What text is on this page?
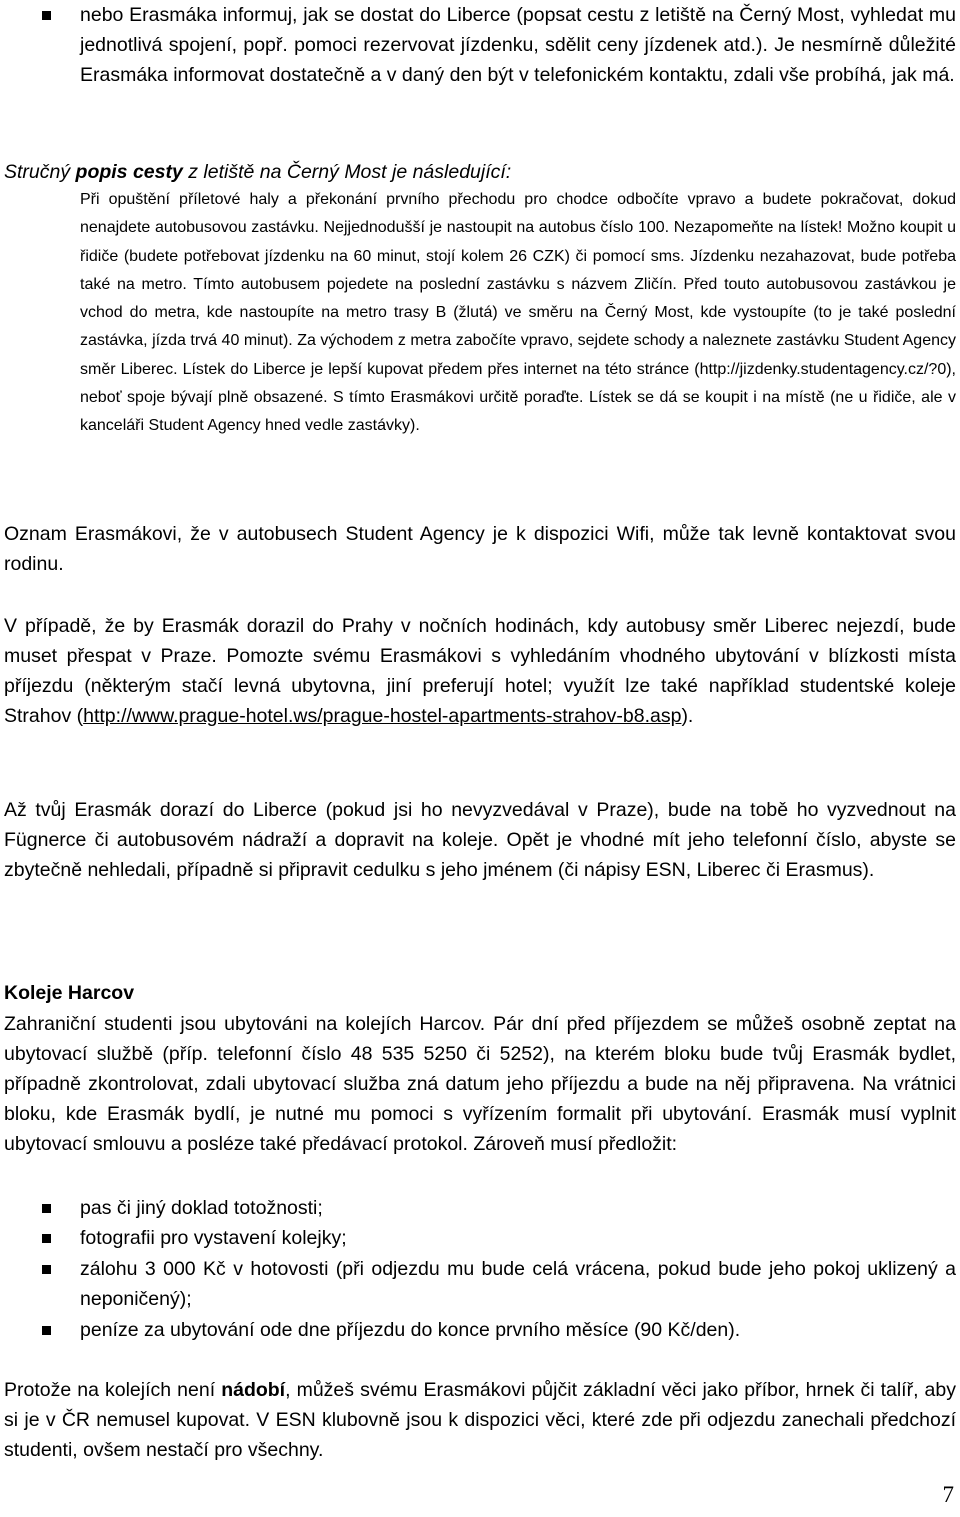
nebo Erasmáka informuj, jak se dostat do Liberce (popsat cestu z letiště na Černý Most, vyhledat mu jednotlivá spojení, popř. pomoci rezervovat jízdenku, sdělit ceny jízdenek atd.). Je nesmírně důležité Erasmáka informovat dostatečně a v daný den být v telefonickém kontaktu, zdali vše probíhá, jak má.
Stručný popis cesty z letiště na Černý Most je následující:

Při opuštění příletové haly a překonání prvního přechodu pro chodce odbočíte vpravo a budete pokračovat, dokud nenajdete autobusovou zastávku. Nejjednodušší je nastoupit na autobus číslo 100. Nezapomeňte na lístek! Možno koupit u řidiče (budete potřebovat jízdenku na 60 minut, stojí kolem 26 CZK) či pomocí sms. Jízdenku nezahazovat, bude potřeba také na metro. Tímto autobusem pojedete na poslední zastávku s názvem Zličín. Před touto autobusovou zastávkou je vchod do metra, kde nastoupíte na metro trasy B (žlutá) ve směru na Černý Most, kde vystoupíte (to je také poslední zastávka, jízda trvá 40 minut). Za východem z metra zabočíte vpravo, sejdete schody a naleznete zastávku Student Agency směr Liberec. Lístek do Liberce je lepší kupovat předem přes internet na této stránce (http://jizdenky.studentagency.cz/?0), neboť spoje bývají plně obsazené. S tímto Erasmákovi určitě poraďte. Lístek se dá se koupit i na místě (ne u řidiče, ale v kanceláři Student Agency hned vedle zastávky).

Oznam Erasmákovi, že v autobusech Student Agency je k dispozici Wifi, může tak levně kontaktovat svou rodinu.

V případě, že by Erasmák dorazil do Prahy v nočních hodinách, kdy autobusy směr Liberec nejezdí, bude muset přespat v Praze. Pomozte svému Erasmákovi s vyhledáním vhodného ubytování v blízkosti místa příjezdu (některým stačí levná ubytovna, jiní preferují hotel; využít lze také například studentské koleje Strahov (http://www.prague-hotel.ws/prague-hostel-apartments-strahov-b8.asp).

Až tvůj Erasmák dorazí do Liberce (pokud jsi ho nevyzvedával v Praze), bude na tobě ho vyzvednout na Fügnerce či autobusovém nádraží a dopravit na koleje. Opět je vhodné mít jeho telefonní číslo, abyste se zbytečně nehledali, případně si připravit cedulku s jeho jménem (či nápisy ESN, Liberec či Erasmus).

Koleje Harcov

Zahraniční studenti jsou ubytováni na kolejích Harcov. Pár dní před příjezdem se můžeš osobně zeptat na ubytovací službě (příp. telefonní číslo 48 535 5250 či 5252), na kterém bloku bude tvůj Erasmák bydlet, případně zkontrolovat, zdali ubytovací služba zná datum jeho příjezdu a bude na něj připravena. Na vrátnici bloku, kde Erasmák bydlí, je nutné mu pomoci s vyřízením formalit při ubytování. Erasmák musí vyplnit ubytovací smlouvu a posléze také předávací protokol. Zároveň musí předložit:

pas či jiný doklad totožnosti;
fotografii pro vystavení kolejky;
zálohu 3 000 Kč v hotovosti (při odjezdu mu bude celá vrácena, pokud bude jeho pokoj uklizený a neponičený);
peníze za ubytování ode dne příjezdu do konce prvního měsíce (90 Kč/den).

Protože na kolejích není nádobí, můžeš svému Erasmákovi půjčit základní věci jako příbor, hrnek či talíř, aby si je v ČR nemusel kupovat. V ESN klubovně jsou k dispozici věci, které zde při odjezdu zanechali předchozí studenti, ovšem nestačí pro všechny.

7
